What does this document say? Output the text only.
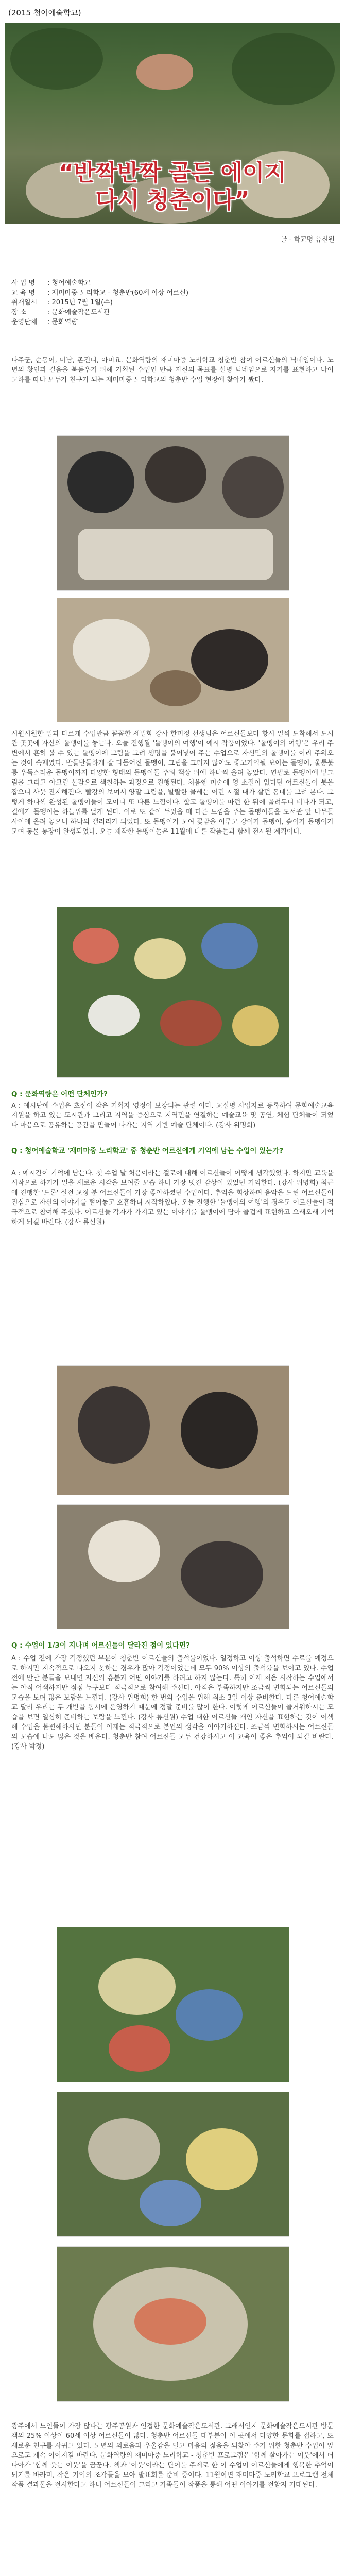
(2015 청어예술학교)
“반짝반짝 골든 에이지
다시 청춘이다”
글 - 학교명 류신원
사 업 명	: 청어예술학교
교 육 명	: 재미마중 노리학교 - 청춘반(60세 이상 어르신)
취재일시	: 2015년 7월 1일(수)
장 소	: 문화예술작은도서관
운영단체	: 문화역량
나주군, 순동이, 미남, 존건니, 아미요. 문화역량의 재미마중 노리학교 청춘반 참여 어르신들의 닉네임이다. 노년의 황인과 걸음을 북돋우기 위해 기획된 수업인 만큼 자신의 목표를 설명 닉네임으로 자기를 표현하고 나이 고하를 따나 모두가 친구가 되는 재미마중 노리학교의 청춘반 수업 현장에 찾아가 봤다.
시원시원한 일과 다르게 수업만큼 꼼꼼한 세밀화 강사 한미정 선생님은 어르신들보다 항시 일찍 도착해서 도시관 곳곳에 자신의 돌멩이를 놓는다. 오늘 진행될 '돌멩이의 여행'이 예시 작품이었다. '돌멩이의 여행'은 우리 주변에서 흔히 볼 수 있는 돌멩이에 그림을 그려 생명을 불어넣어 주는 수업으로 자신만의 돌멩이를 이리 주워오는 것이 숙제였다. 반들반들하게 잘 다듬어진 돌멩이, 그림을 그리지 않아도 좋고기억될 보이는 돌멩이, 울퉁불퉁 우둑스러운 돌멩이까지 다양한 형태의 돌멩이들 주워 책상 위에 하나씩 올려 놓았다. 연필로 돌멩이에 밑그림을 그리고 아크릴 물감으로 색칠하는 과정으로 진행된다. 처음엔 미술에 영 소질이 없다던 어르신들이 붓을 잡으니 사뭇 진지해진다. 빨강의 보여서 양말 그림을, 발랄한 물레는 어린 시절 내가 살던 동네를 그려 본다. 그렇게 하나씩 완성된 돌멩이들이 모이니 또 다른 느낌이다. 할고 돌멩이를 따런 한 뒤에 올려두니 비다가 되고, 길에가 돌멩이는 하늘위를 날게 된다. 이로 또 같이 두었을 때 다른 느낌을 주는 돌멩이들을 도서관 앞 나무들 사이에 올려 놓으니 하나의 갤러리가 되었다. 또 돌멩이가 모여 꽃밭을 이루고 강이가 돌멩이, 숲이가 돌멩이가 모여 동물 농장이 완성되었다. 오늘 제작한 돌멩이들은 11월에 다른 작품들과 함께 전시될 계획이다.
Q : 문화역량은 어떤 단체인가?
A : 예시단에 수업은 초선이 작은 기획자 영정이 보장되는 관련 이다. 교실명 사업자로 등록하여 문화예술교육 지원을 하고 있는 도시관과 그리고 지역을 중심으로 지역민을 연결하는 예술교육 및 공연, 체험 단체들이 되었다 마음으로 공유하는 공간을 만들어 나가는 지역 기반 예술 단체이다. (강사 위명희)
Q : 청어예술학교 '재미마중 노리학교' 중 청춘반 어르신에게 기억에 남는 수업이 있는가?
A : 예시간이 기억에 남는다. 첫 수업 날 처음이라는 걸로에 대해 어르신들이 어떻게 생각했었다. 하지만 교육을 시작으로 하거가 일을 새로운 시각을 보여줄 모습 하니 가장 멋진 감상이 있었던 기억한다. (강사 위명희) 최근에 진행한 '드론' 실전 교정 분 어르신들이 가장 좋아하셨던 수업이다. 추억을 회상하며 음악을 드린 어르신들이 진심으로 자신의 이야기를 털어놓고 호흡하니 시작하였다. 오늘 진행한 '돌멩이의 여행'의 경우도 어르신들이 적극적으로 참여해 주셨다. 어르신들 각자가 가지고 있는 이야기를 돌멩이에 담아 즐겁게 표현하고 오래오래 기억하게 되길 바란다. (강사 류신원)
Q : 수업이 1/3이 지나며 어르신들이 달라진 점이 있다면?
A : 수업 전에 가장 걱정했던 부분이 청춘반 어르신들의 출석률이었다. 일정하고 이상 출석하면 수료를 예정으로 하지만 지속적으로 나오지 못하는 경우가 많아 걱정이었는데 모두 90% 이상의 출석률을 보이고 있다. 수업 전에 만난 분들을 보내면 자신의 흥분과 어떤 이야기를 하려고 하지 않는다. 특히 이제 처음 시작하는 수업에서는 아직 어색하지만 점점 누구보다 적극적으로 참여해 주신다. 아직은 부족하지만 조금씩 변화되는 어르신들의 모습을 보며 많은 보람을 느낀다. (강사 위명희) 한 번의 수업을 위해 최소 3일 이상 준비한다. 다른 청어예술학교 달리 우리는 두 개반을 통시에 운영하기 때문에 정말 준비를 많이 한다. 이렇게 어르신들이 즐거워하시는 모습을 보면 열심히 준비하는 보람을 느낀다. (강사 류신원) 수업 대한 어르신들 개인 자신을 표현하는 것이 어색해 수업을 불편해하시던 분들이 이제는 적극적으로 본인의 생각을 이야기하신다. 조금씩 변화하시는 어르신들의 모습에 나도 많은 것을 배운다. 청춘반 참여 어르신들 모두 건강하시고 이 교육이 좋은 추억이 되길 바란다. (강사 박정)
광주에서 노인들이 가장 많다는 광주공원과 인접한 문화예술작은도서관. 그래서인지 문화예술작은도서관 방문객의 25% 이상이 60세 이상 어르신들이 많다. 청춘반 어르신들 대부분이 이 곳에서 다양한 문화를 접하고, 또 새로운 친구를 사귀고 있다. 노년의 외로움과 우울감을 덜고 마음의 젊음을 되찾아 주기 위한 청춘반 수업이 앞으로도 계속 이어지길 바란다. 문화역량의 재미마중 노리학교 - 청춘반 프로그램은 '함께 살아가는 이웃'에서 더 나아가 '함께 웃는 이웃'을 꿈꾼다. 책과 '이웃'이라는 단어를 주제로 한 이 수업이 어르신들에게 행복한 추억이 되기를 바라며, 작은 기억의 조각들을 모아 발표회를 준비 중이다. 11월이면 재미마중 노리학교 프로그램 전체 작품 결과물을 전시한다고 하니 어르신들이 그리고 가족들이 작품을 통해 어떤 이야기를 전할지 기대된다.
